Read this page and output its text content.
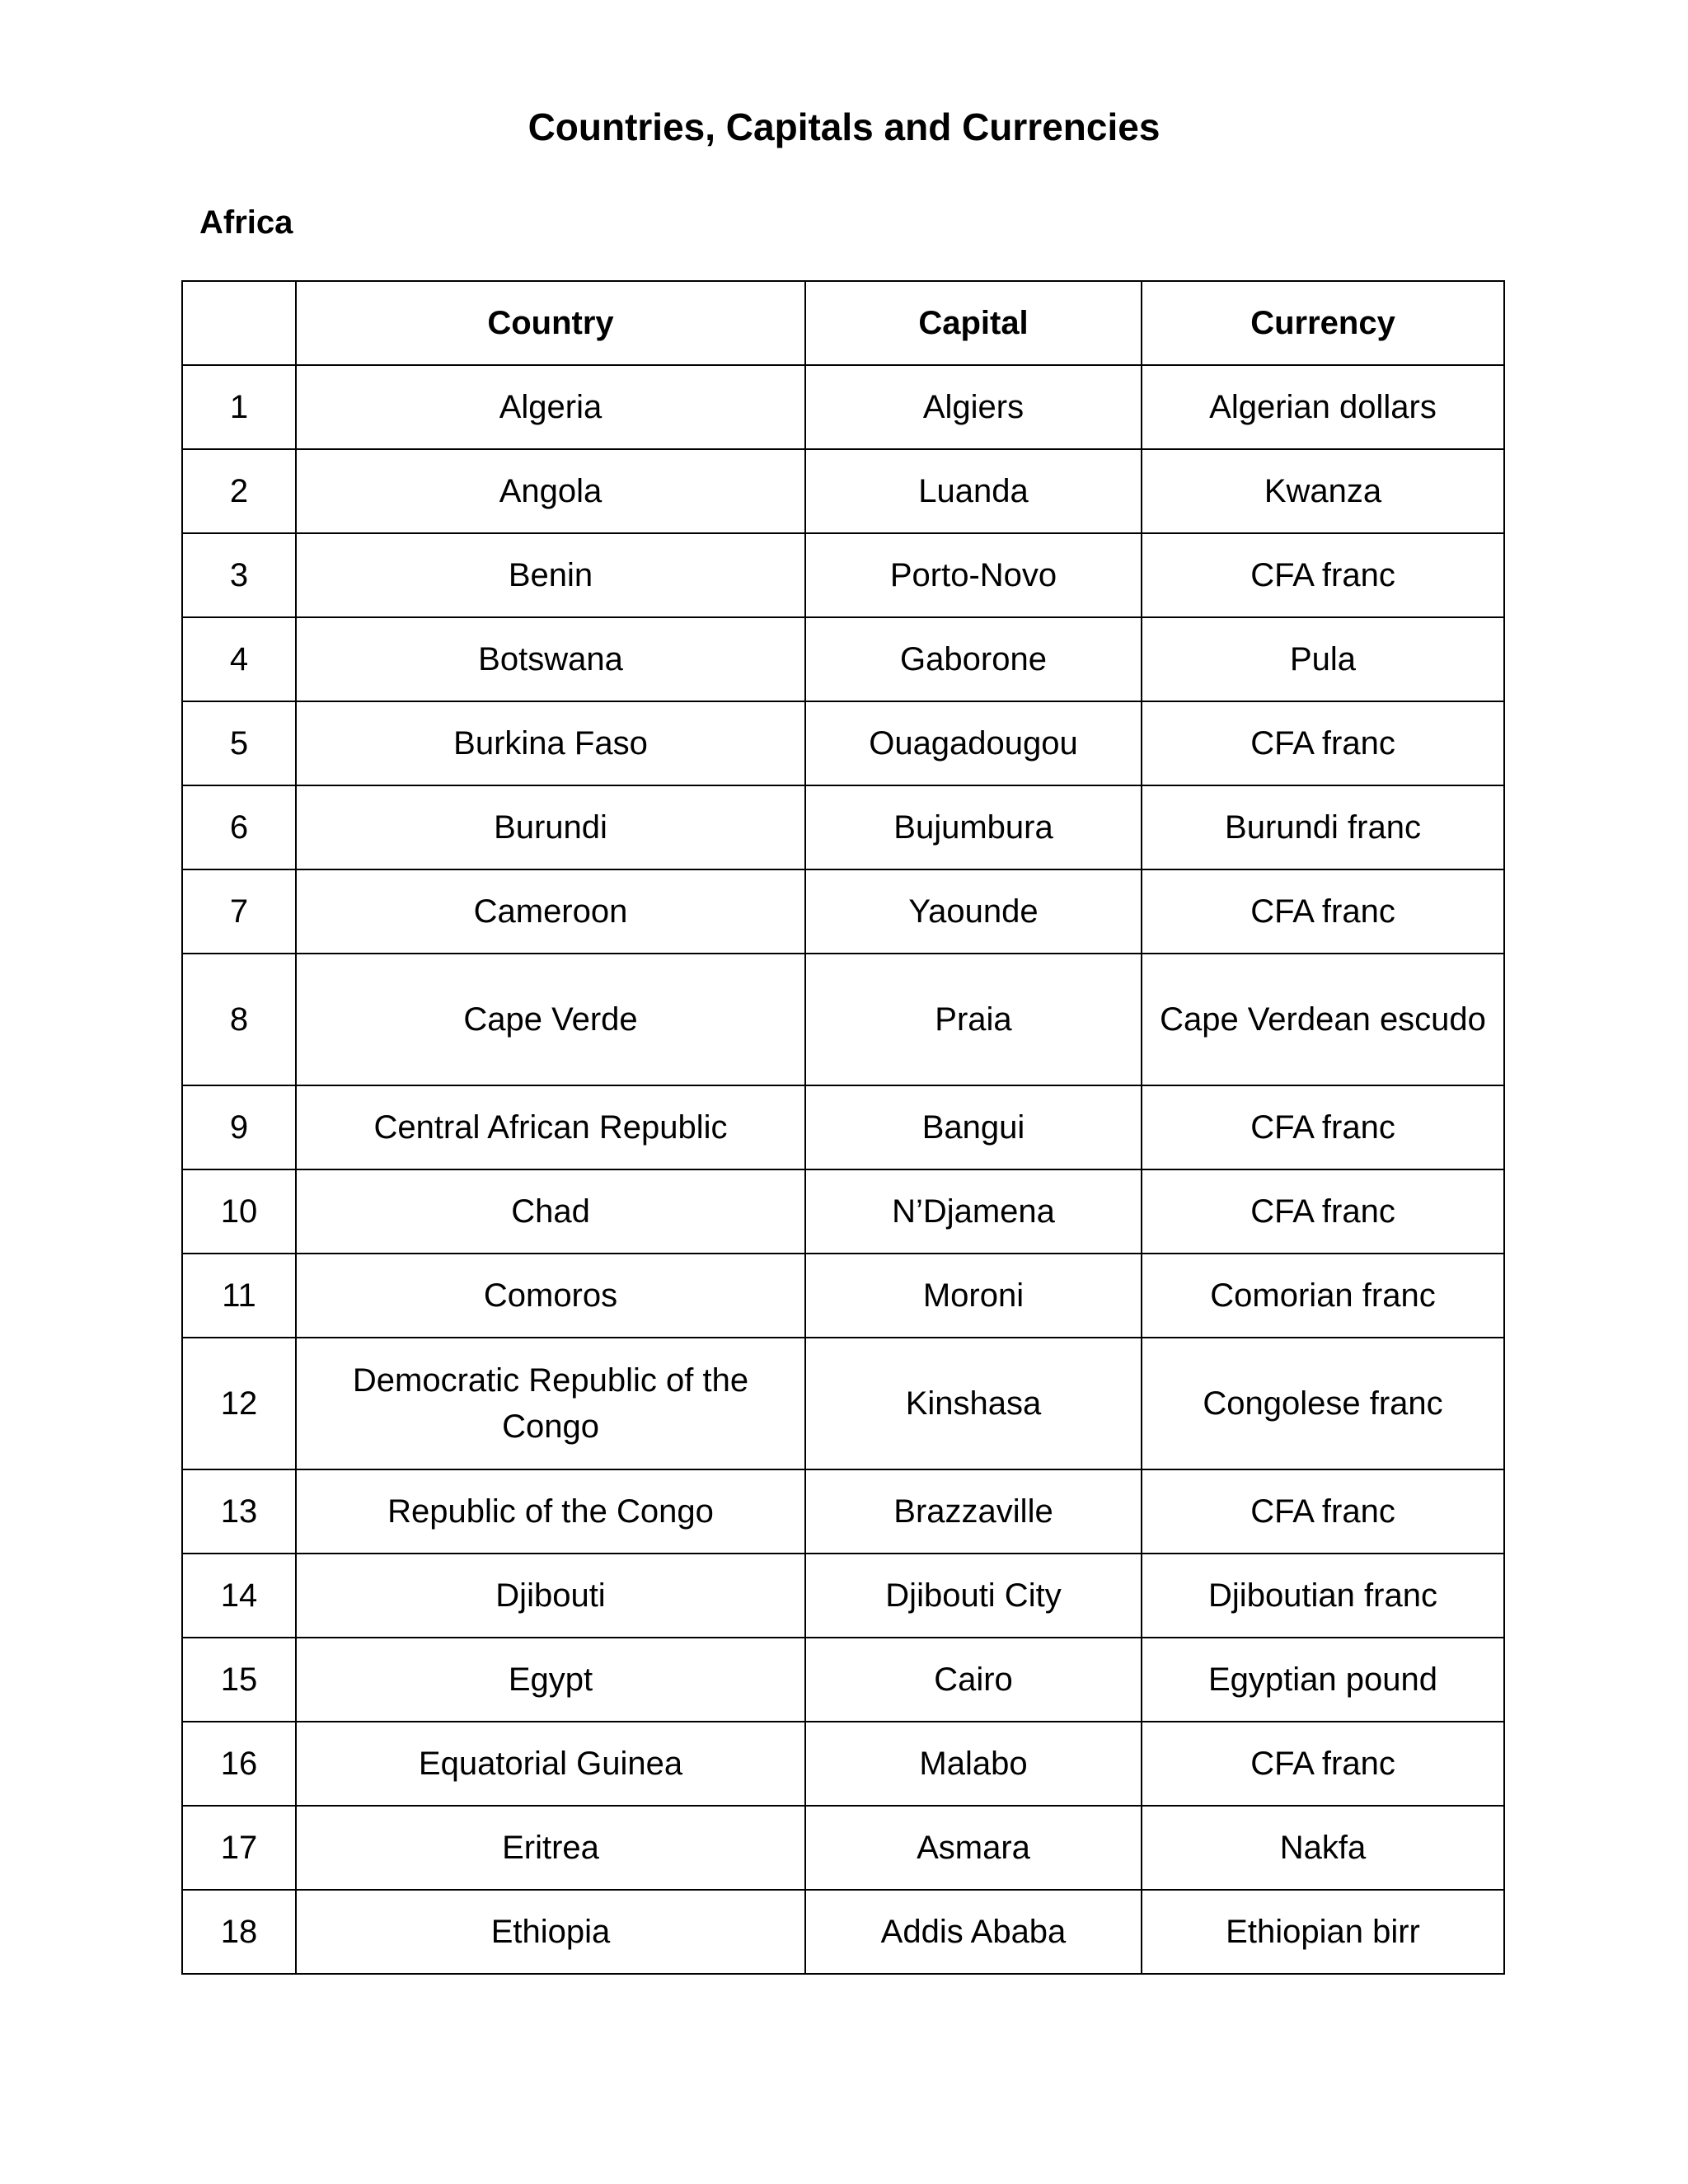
Countries, Capitals and Currencies
Africa
	Country	Capital	Currency
1	Algeria	Algiers	Algerian dollars
2	Angola	Luanda	Kwanza
3	Benin	Porto-Novo	CFA franc
4	Botswana	Gaborone	Pula
5	Burkina Faso	Ouagadougou	CFA franc
6	Burundi	Bujumbura	Burundi franc
7	Cameroon	Yaounde	CFA franc
8	Cape Verde	Praia	Cape Verdean escudo
9	Central African Republic	Bangui	CFA franc
10	Chad	N’Djamena	CFA franc
11	Comoros	Moroni	Comorian franc
12	Democratic Republic of the Congo	Kinshasa	Congolese franc
13	Republic of the Congo	Brazzaville	CFA franc
14	Djibouti	Djibouti City	Djiboutian franc
15	Egypt	Cairo	Egyptian pound
16	Equatorial Guinea	Malabo	CFA franc
17	Eritrea	Asmara	Nakfa
18	Ethiopia	Addis Ababa	Ethiopian birr
